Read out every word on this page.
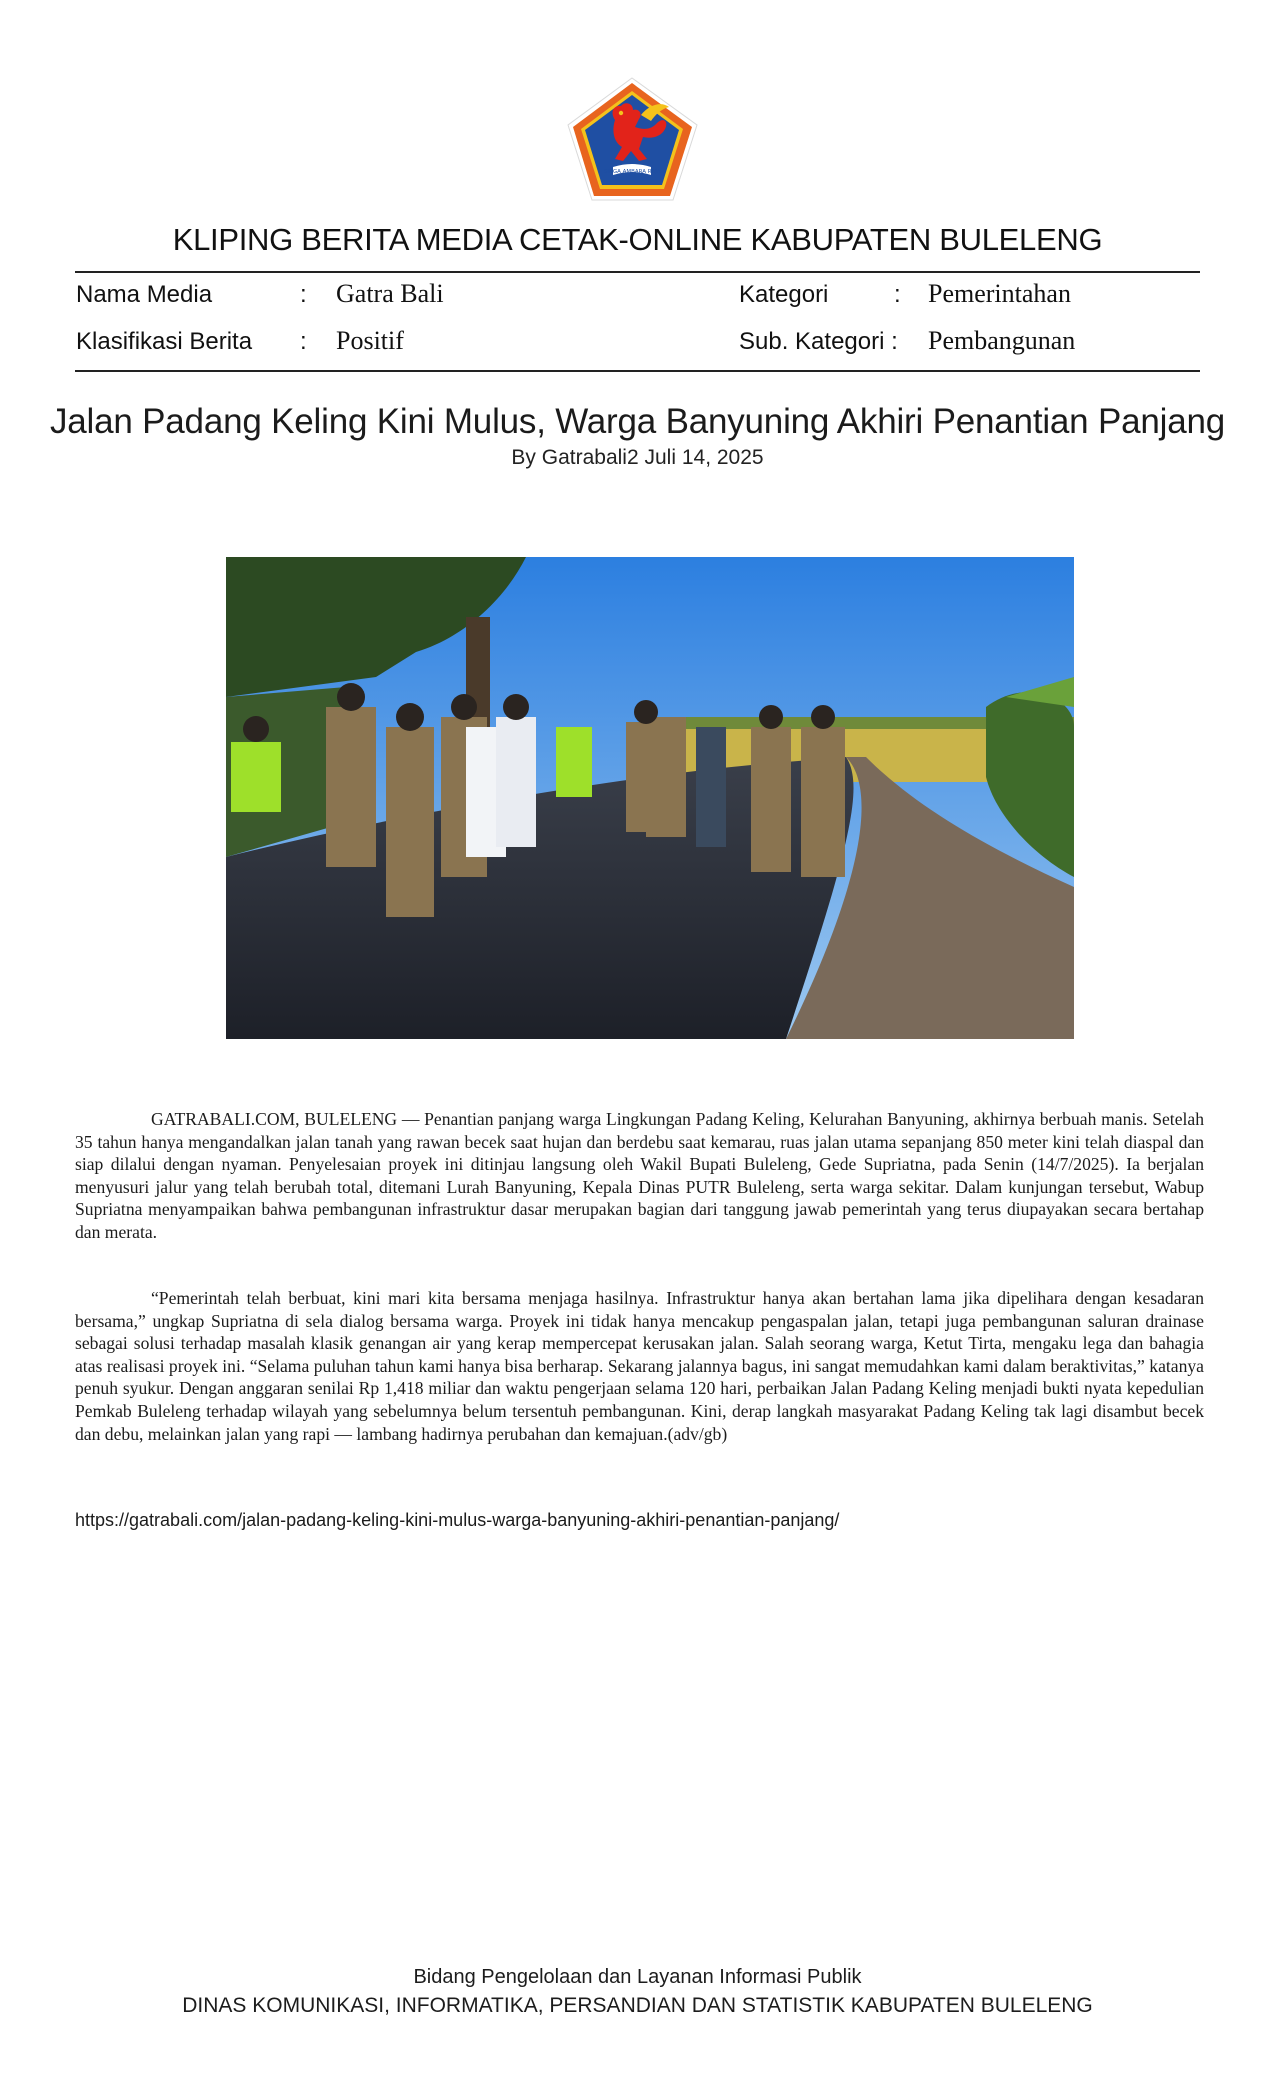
SINGA AMBARA RAJA
KLIPING BERITA MEDIA CETAK-ONLINE KABUPATEN BULELENG
Nama Media	: Gatra Bali	Kategori	: Pemerintahan
Klasifikasi Berita : Positif	Sub. Kategori : Pembangunan
Jalan Padang Keling Kini Mulus, Warga Banyuning Akhiri Penantian Panjang
By Gatrabali2 Juli 14, 2025
GATRABALI.COM, BULELENG — Penantian panjang warga Lingkungan Padang Keling, Kelurahan Banyuning, akhirnya berbuah manis. Setelah 35 tahun hanya mengandalkan jalan tanah yang rawan becek saat hujan dan berdebu saat kemarau, ruas jalan utama sepanjang 850 meter kini telah diaspal dan siap dilalui dengan nyaman. Penyelesaian proyek ini ditinjau langsung oleh Wakil Bupati Buleleng, Gede Supriatna, pada Senin (14/7/2025). Ia berjalan menyusuri jalur yang telah berubah total, ditemani Lurah Banyuning, Kepala Dinas PUTR Buleleng, serta warga sekitar. Dalam kunjungan tersebut, Wabup Supriatna menyampaikan bahwa pembangunan infrastruktur dasar merupakan bagian dari tanggung jawab pemerintah yang terus diupayakan secara bertahap dan merata.
“Pemerintah telah berbuat, kini mari kita bersama menjaga hasilnya. Infrastruktur hanya akan bertahan lama jika dipelihara dengan kesadaran bersama,” ungkap Supriatna di sela dialog bersama warga. Proyek ini tidak hanya mencakup pengaspalan jalan, tetapi juga pembangunan saluran drainase sebagai solusi terhadap masalah klasik genangan air yang kerap mempercepat kerusakan jalan. Salah seorang warga, Ketut Tirta, mengaku lega dan bahagia atas realisasi proyek ini. “Selama puluhan tahun kami hanya bisa berharap. Sekarang jalannya bagus, ini sangat memudahkan kami dalam beraktivitas,” katanya penuh syukur. Dengan anggaran senilai Rp 1,418 miliar dan waktu pengerjaan selama 120 hari, perbaikan Jalan Padang Keling menjadi bukti nyata kepedulian Pemkab Buleleng terhadap wilayah yang sebelumnya belum tersentuh pembangunan. Kini, derap langkah masyarakat Padang Keling tak lagi disambut becek dan debu, melainkan jalan yang rapi — lambang hadirnya perubahan dan kemajuan.(adv/gb)
https://gatrabali.com/jalan-padang-keling-kini-mulus-warga-banyuning-akhiri-penantian-panjang/
Bidang Pengelolaan dan Layanan Informasi Publik
DINAS KOMUNIKASI, INFORMATIKA, PERSANDIAN DAN STATISTIK KABUPATEN BULELENG
